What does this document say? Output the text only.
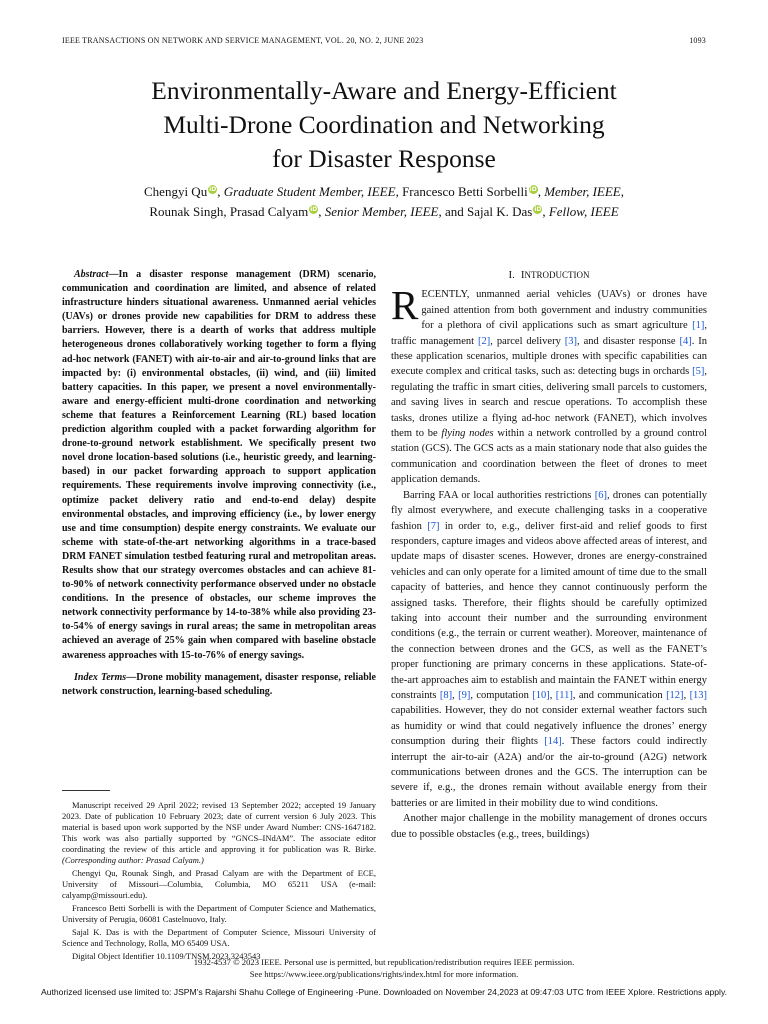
IEEE TRANSACTIONS ON NETWORK AND SERVICE MANAGEMENT, VOL. 20, NO. 2, JUNE 2023	1093
Environmentally-Aware and Energy-Efficient
Multi-Drone Coordination and Networking
for Disaster Response
Chengyi Qu iD, Graduate Student Member, IEEE, Francesco Betti Sorbelli iD, Member, IEEE,
Rounak Singh, Prasad Calyam iD, Senior Member, IEEE, and Sajal K. Das iD, Fellow, IEEE

Abstract—In a disaster response management (DRM) scenario, communication and coordination are limited, and absence of related infrastructure hinders situational awareness. Unmanned aerial vehicles (UAVs) or drones provide new capabilities for DRM to address these barriers. However, there is a dearth of works that address multiple heterogeneous drones collaboratively working together to form a flying ad-hoc network (FANET) with air-to-air and air-to-ground links that are impacted by: (i) environmental obstacles, (ii) wind, and (iii) limited battery capacities. In this paper, we present a novel environmentally-aware and energy-efficient multi-drone coordination and networking scheme that features a Reinforcement Learning (RL) based location prediction algorithm coupled with a packet forwarding algorithm for drone-to-ground network establishment. We specifically present two novel drone location-based solutions (i.e., heuristic greedy, and learning-based) in our packet forwarding approach to support application requirements. These requirements involve improving connectivity (i.e., optimize packet delivery ratio and end-to-end delay) despite environmental obstacles, and improving efficiency (i.e., by lower energy use and time consumption) despite energy constraints. We evaluate our scheme with state-of-the-art networking algorithms in a trace-based DRM FANET simulation testbed featuring rural and metropolitan areas. Results show that our strategy overcomes obstacles and can achieve 81-to-90% of network connectivity performance observed under no obstacle conditions. In the presence of obstacles, our scheme improves the network connectivity performance by 14-to-38% while also providing 23-to-54% of energy savings in rural areas; the same in metropolitan areas achieved an average of 25% gain when compared with baseline obstacle awareness approaches with 15-to-76% of energy savings.

Index Terms—Drone mobility management, disaster response, reliable network construction, learning-based scheduling.

Manuscript received 29 April 2022; revised 13 September 2022; accepted 19 January 2023. Date of publication 10 February 2023; date of current version 6 July 2023. This material is based upon work supported by the NSF under Award Number: CNS-1647182. This work was also partially supported by “GNCS–INdAM”. The associate editor coordinating the review of this article and approving it for publication was R. Birke. (Corresponding author: Prasad Calyam.)

Chengyi Qu, Rounak Singh, and Prasad Calyam are with the Department of ECE, University of Missouri—Columbia, Columbia, MO 65211 USA (e-mail: calyamp@missouri.edu).

Francesco Betti Sorbelli is with the Department of Computer Science and Mathematics, University of Perugia, 06081 Castelnuovo, Italy.

Sajal K. Das is with the Department of Computer Science, Missouri University of Science and Technology, Rolla, MO 65409 USA.

Digital Object Identifier 10.1109/TNSM.2023.3243543

I. INTRODUCTION

RECENTLY, unmanned aerial vehicles (UAVs) or drones have gained attention from both government and industry communities for a plethora of civil applications such as smart agriculture [1], traffic management [2], parcel delivery [3], and disaster response [4]. In these application scenarios, multiple drones with specific capabilities can execute complex and critical tasks, such as: detecting bugs in orchards [5], regulating the traffic in smart cities, delivering small parcels to customers, and saving lives in search and rescue operations. To accomplish these tasks, drones utilize a flying ad-hoc network (FANET), which involves them to be flying nodes within a network controlled by a ground control station (GCS). The GCS acts as a main stationary node that also guides the communication and coordination between the fleet of drones to meet application demands.

Barring FAA or local authorities restrictions [6], drones can potentially fly almost everywhere, and execute challenging tasks in a cooperative fashion [7] in order to, e.g., deliver first-aid and relief goods to first responders, capture images and videos above affected areas of interest, and update maps of disaster scenes. However, drones are energy-constrained vehicles and can only operate for a limited amount of time due to the small capacity of batteries, and hence they cannot continuously perform the assigned tasks. Therefore, their flights should be carefully optimized taking into account their number and the surrounding environment conditions (e.g., the terrain or current weather). Moreover, maintenance of the connection between drones and the GCS, as well as the FANET’s proper functioning are primary concerns in these applications. State-of-the-art approaches aim to establish and maintain the FANET within energy constraints [8], [9], computation [10], [11], and communication [12], [13] capabilities. However, they do not consider external weather factors such as humidity or wind that could negatively influence the drones’ energy consumption during their flights [14]. These factors could indirectly interrupt the air-to-air (A2A) and/or the air-to-ground (A2G) network communications between drones and the GCS. The interruption can be severe if, e.g., the drones remain without available energy from their batteries or are limited in their mobility due to wind conditions.

Another major challenge in the mobility management of drones occurs due to possible obstacles (e.g., trees, buildings)

1932-4537 © 2023 IEEE. Personal use is permitted, but republication/redistribution requires IEEE permission.
See https://www.ieee.org/publications/rights/index.html for more information.
Authorized licensed use limited to: JSPM's Rajarshi Shahu College of Engineering -Pune. Downloaded on November 24,2023 at 09:47:03 UTC from IEEE Xplore. Restrictions apply.
